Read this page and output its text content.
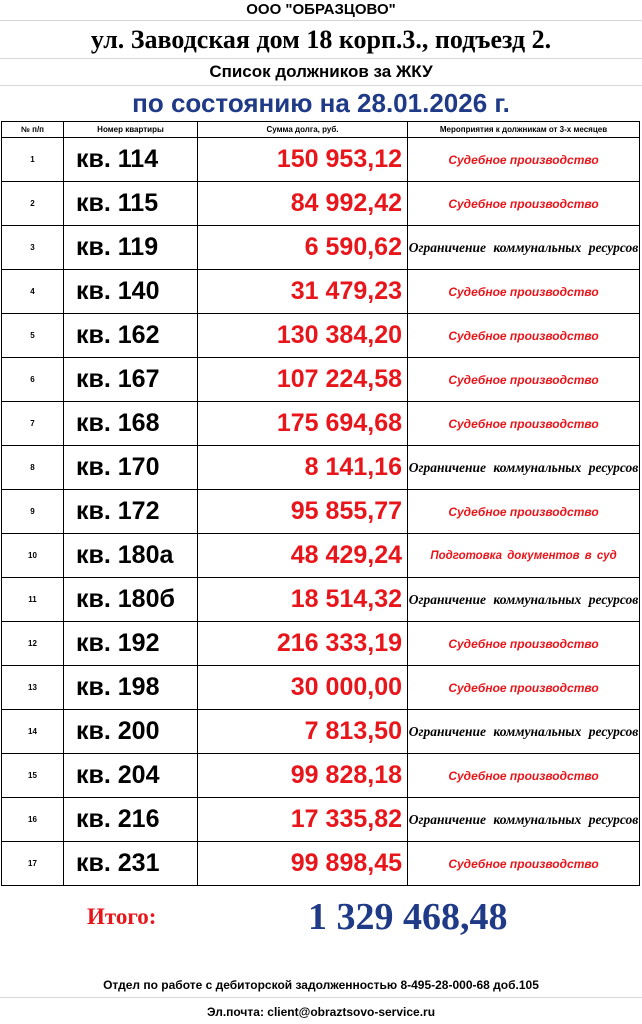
ООО "ОБРАЗЦОВО"
ул. Заводская дом 18 корп.3., подъезд 2.
Список должников за ЖКУ
по состоянию на 28.01.2026 г.
№ п/п	Номер квартиры	Сумма долга, руб.	Мероприятия к должникам от 3-х месяцев
1	кв. 114	150 953,12	Судебное производство
2	кв. 115	84 992,42	Судебное производство
3	кв. 119	6 590,62	Ограничение коммунальных ресурсов
4	кв. 140	31 479,23	Судебное производство
5	кв. 162	130 384,20	Судебное производство
6	кв. 167	107 224,58	Судебное производство
7	кв. 168	175 694,68	Судебное производство
8	кв. 170	8 141,16	Ограничение коммунальных ресурсов
9	кв. 172	95 855,77	Судебное производство
10	кв. 180а	48 429,24	Подготовка документов в суд
11	кв. 180б	18 514,32	Ограничение коммунальных ресурсов
12	кв. 192	216 333,19	Судебное производство
13	кв. 198	30 000,00	Судебное производство
14	кв. 200	7 813,50	Ограничение коммунальных ресурсов
15	кв. 204	99 828,18	Судебное производство
16	кв. 216	17 335,82	Ограничение коммунальных ресурсов
17	кв. 231	99 898,45	Судебное производство
Итого:	1 329 468,48
Отдел по работе с дебиторской задолженностью 8-495-28-000-68 доб.105
Эл.почта: client@obraztsovo-service.ru
